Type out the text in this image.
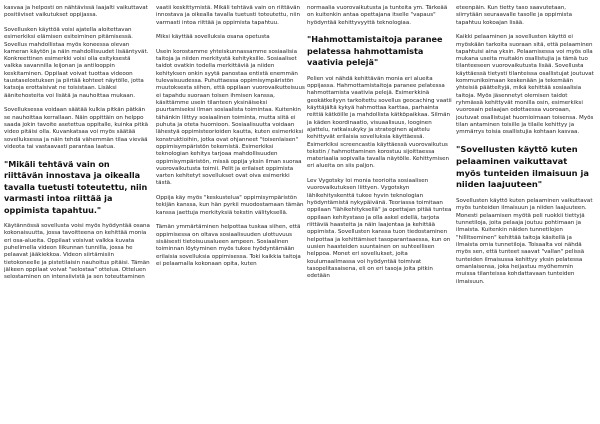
kasvaa ja helposti on nähtävissä laajalti vaikuttavat positiiviset vaikutukset oppijassa.

Sovellusken käyttöä voisi ajatella aloitettavan esimerkiksi elämisen esiteiminen pitämisessä. Sovellus mahdollistaa myös koneessa olevan kameran käytön ja näin mahdollisuudet lisääntyvät. Konkreettinen esimerkki voisi olla esityksestä valkka savannilla leijonan ja antilooppin keskitaminen. Oppilaat voivat tuottaa videoon taustaselostuksen ja piirtää kohteet näytölle, jotta katsoja erottaisivat ne toisistaan. Lisäksi äänitehosteita voi lisätä ja nauhoittaa mukaan.

Sovelluksessa voidaan säätää kulkia pitkän pätkän se nauhoittaa kerrallaan. Näin oppittäin on helppo saada jokin tavoite asetettua oppitalle, kuinka pitkä video pitäisi olla. Kuvankatsaa voi myös säätää sovelluksessa ja näin tehdä vähemmän tilaa vievää videota tai vastaavasti parantaa laatua.

"Mikäli tehtävä vain on riittävän innostava ja oikealla tavalla tuetusti toteutettu, niin varmasti intoa riittää ja oppimista tapahtuu."

Käytännössä sovellusta voisi myös hyödyntää osana kokonaisuutta, jossa tavoitteena on kehittää monia eri osa-alueita. Oppilaat voisivat valkka kuvata puhelimella videon liikunnan tunnilla, jossa he pelaavat jääkiekkoa. Videon siirtämisiin tietokoneelle ja pistetilaisin nauhoitus pitäisi. Tämän jälkeen oppilaat voivat "selostaa" ottelua. Otteluen selostaminen on intensiivistä ja sen toteuttaminen

vaatii keskittymistä. Mikäli tehtävä vain on riittävän innostava ja oikealla tavalla tuetusti toteutettu, niin varmasti intoa riittää ja oppimista tapahtuu.

Miksi käyttää sovelluksia osana opetusta

Usein korostamme yhteiskunnassamme sosiaalisia taitoja ja niiden merkitystä kehityksille. Sosiaaliset taidot ovatkin todella merkittäviä ja niiden kehityksen onkin syytä panostaa entistä enemmän tulevaisuudessa. Puhuttaessa oppimisympäristön muutoksesta siihen, että oppilaan vuorovaikutteisuus ei tapahdu suoraan toisen ihmisen kanssa, käsittämme usein tilanteen yksinäiseksi puurtamiseksi ilman sosiaalista toimintaa. Kuitenkin tähänkin liittyy sosiaalinen toiminta, mutta siitä ei puhuta ja oteta huomioon. Sosiaalisuutta voidaan lähestyä oppimisteorioiden kautta, kuten esimerkiksi konstruktioihin, jotka ovat ohjanneet "toisenlaisen" oppimisympäristön tekemistä. Esimerkiksi teknologian kehitys tarjoaa mahdollisuuden oppimisympäristön, missä oppija yksin ilman suoraa vuorovaikutusta toimii. Pelit ja erilaiset oppimista varten kehitetyt sovellukset ovat oiva esimerkki tästä.

Oppija käy myös "keskustelua" oppimisympäristön tekijän kanssa, kun hän pyrkii muodostamaan tämän kanssa jaettuja merkityksiä tekstin välityksellä.

Tämän ymmärtäminen helpottaa tuskaa siihen, että oppimisessa on oltava sosiaalisuuden ulottuvuus sisäisesti tietoisuusalueen ampeen. Sosiaalinen toiminnan löytyminen myös tukee hyödyntämään erilaisia sovelluksia oppimisessa. Toki kaikkia taitoja ei pelaamalla kokonaan opita, kuten

normaalia vuorovaikutusta ja tunteita ym. Tärkeää on kuitenkin antaa opettajana itselle "vapaus" hyödyntää kehittyvyyttä teknologiaa.

"Hahmottamistaitoja paranee pelatessa hahmottamista vaativia pelejä"

Pelien voi nähdä kehittävän monia eri alueita oppijassa. Hahmottamistaitoja paranee pelatessa hahmottamista vaativia pelejä. Esimerkkinä geokätkeilyyn tarkoitettu sovellus geocaching vaatii käyttäjältä kykyä hahmottaa karttaa, parhainta reittiä kätköille ja mahdollista kätköpaikkaa. Silmän ja käden koordinaatio, visuaalisuus, looginen ajattelu, ratkaisukyky ja strateginen ajattelu kehittyvät erilaisia sovelluksia käyttäessä. Esimerkiksi screencastia käyttäessä vuorovaikutus tekstin / hahmottaminen korostuu sijoittaessa materiaalia sopivalla tavalla näytölle. Kehittymisen eri alueita on siis paljon.

Lev Vygotsky loi monia teorioita sosiaalisen vuorovaikutuksen liittyen. Vygotskyn lähikehityskenttä tukee hyvin teknologian hyödyntämistä nykypäivänä. Teoriassa toimitaan oppilaan "lähikehityksellä" ja opettajan pitää tuntea oppilaan kehitystaso ja olla askel edellä, tarjota riittäviä haasteita ja näin laajentaa ja kehittää oppimista. Sovellusten kanssa tuon tiedostaminen helpottaa ja kehittämiset tasoparantaaessa, kun on uusien haasteiden suuntainen on suhteellisen helppoa. Monet eri sovellukset, joita koulumaailmassa voi hyödyntää toimivat tasopelitasaisena, eli on eri tasoja joita pitkin edetään

eteenpäin. Kun tietty taso saavutetaan, siirrytään seuraavalle tasolle ja oppimista tapahtuu kokoajan lisää.

Kaikki pelaaminen ja sovellusten käyttö ei myöskään tarkoita suoraan sitä, että pelaaminen tapahtuisi aina yksin. Pelaamisessa voi myös olla mukana useita muitakin osallistujia ja tämä tuo tilanteeseen vuorovaikutusta lisää. Sovellusta käyttäessä tietysti tilanteissa osallistujat joutuvat kommunikoimaan keskenään ja tekemään yhteisiä päätteltyjä, mikä kehittää sosiaalisia taitoja. Myös jäsennetyt olemisen taidot ryhmässä kehittyvät monilla osin, esimerkiksi vuorosain pelaajan odottaessa vuoroaan, joutuvat osallistujat huomioimaan toisensa. Myös tilan antaminen toisille ja tilaile kehittyy ja ymmärrys toisia osallistujia kohtaan kasvaa.

"Sovellusten käyttö kuten pelaaminen vaikuttavat myös tunteiden ilmaisuun ja niiden laajuuteen"

Sovellusten käyttö kuten pelaaminen vaikuttavat myös tunteiden ilmaisuun ja niiden laajuuteen. Monesti pelaamisen myötä peli ruokkii tiettyjä tunnetiloja, joita pelaaja joutuu pohtimaan ja ilmaista. Kuitenkin näiden tunnetilojen "hillitseminen" kehittää taitoja käsitellä ja ilmaista omia tunnetiloja. Toisaalta voi nähdä myös sen, että tunteet saavat "vallan" pelissä tunteiden ilmaisussa kehittyy yksin pelatessa omanlaisensa, joka heijastuu myöhemmin muissa tilanteissa kohdattavaan tunteiden ilmaisuun.
